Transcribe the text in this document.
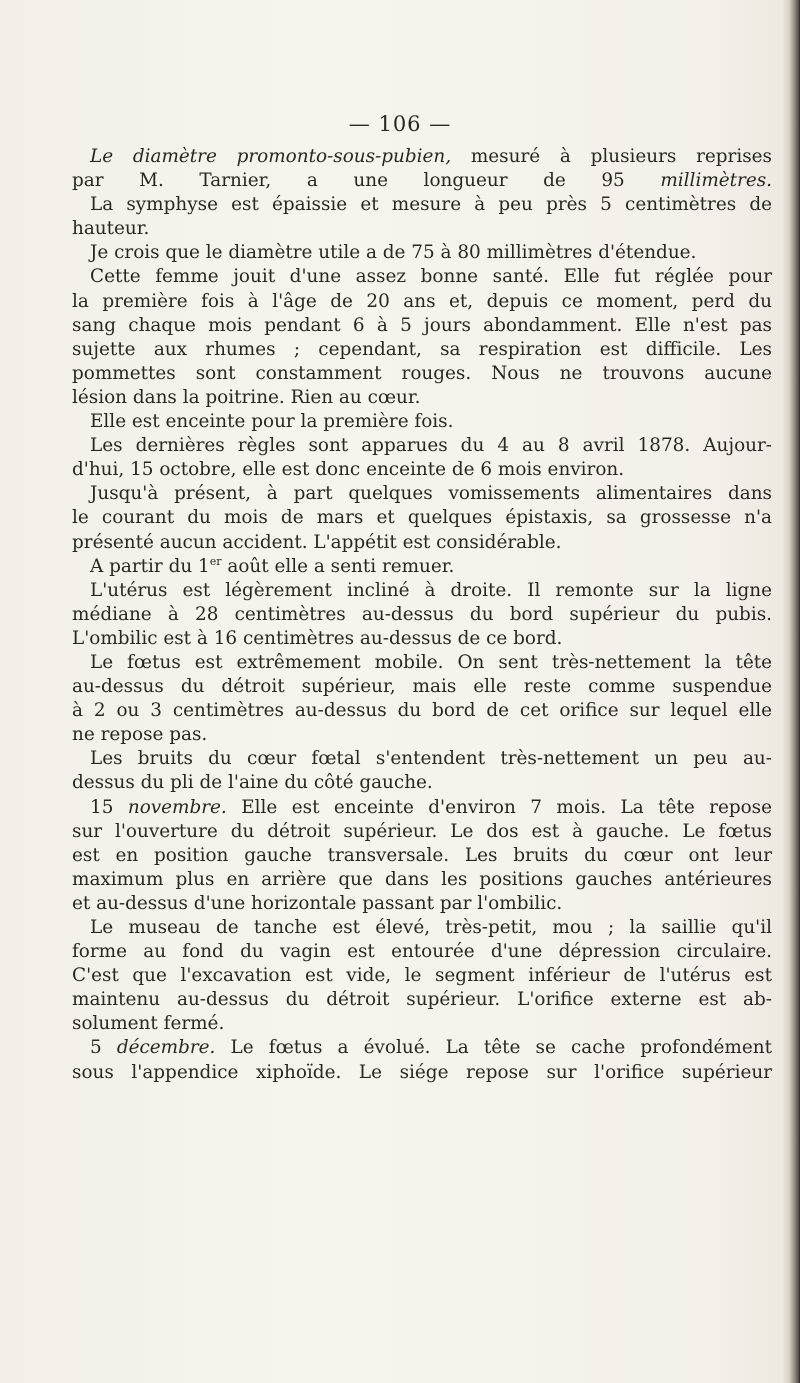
— 106 —

Le diamètre promonto-sous-pubien, mesuré à plusieurs reprises

par M. Tarnier, a une longueur de 95 millimètres.

La symphyse est épaissie et mesure à peu près 5 centimètres de

hauteur.

Je crois que le diamètre utile a de 75 à 80 millimètres d'étendue.

Cette femme jouit d'une assez bonne santé. Elle fut réglée pour

la première fois à l'âge de 20 ans et, depuis ce moment, perd du

sang chaque mois pendant 6 à 5 jours abondamment. Elle n'est pas

sujette aux rhumes ; cependant, sa respiration est difficile. Les

pommettes sont constamment rouges. Nous ne trouvons aucune

lésion dans la poitrine. Rien au cœur.

Elle est enceinte pour la première fois.

Les dernières règles sont apparues du 4 au 8 avril 1878. Aujour-

d'hui, 15 octobre, elle est donc enceinte de 6 mois environ.

Jusqu'à présent, à part quelques vomissements alimentaires dans

le courant du mois de mars et quelques épistaxis, sa grossesse n'a

présenté aucun accident. L'appétit est considérable.

A partir du 1er août elle a senti remuer.

L'utérus est légèrement incliné à droite. Il remonte sur la ligne

médiane à 28 centimètres au-dessus du bord supérieur du pubis.

L'ombilic est à 16 centimètres au-dessus de ce bord.

Le fœtus est extrêmement mobile. On sent très-nettement la tête

au-dessus du détroit supérieur, mais elle reste comme suspendue

à 2 ou 3 centimètres au-dessus du bord de cet orifice sur lequel elle

ne repose pas.

Les bruits du cœur fœtal s'entendent très-nettement un peu au-

dessus du pli de l'aine du côté gauche.

15 novembre. Elle est enceinte d'environ 7 mois. La tête repose

sur l'ouverture du détroit supérieur. Le dos est à gauche. Le fœtus

est en position gauche transversale. Les bruits du cœur ont leur

maximum plus en arrière que dans les positions gauches antérieures

et au-dessus d'une horizontale passant par l'ombilic.

Le museau de tanche est élevé, très-petit, mou ; la saillie qu'il

forme au fond du vagin est entourée d'une dépression circulaire.

C'est que l'excavation est vide, le segment inférieur de l'utérus est

maintenu au-dessus du détroit supérieur. L'orifice externe est ab-

solument fermé.

5 décembre. Le fœtus a évolué. La tête se cache profondément

sous l'appendice xiphoïde. Le siége repose sur l'orifice supérieur
